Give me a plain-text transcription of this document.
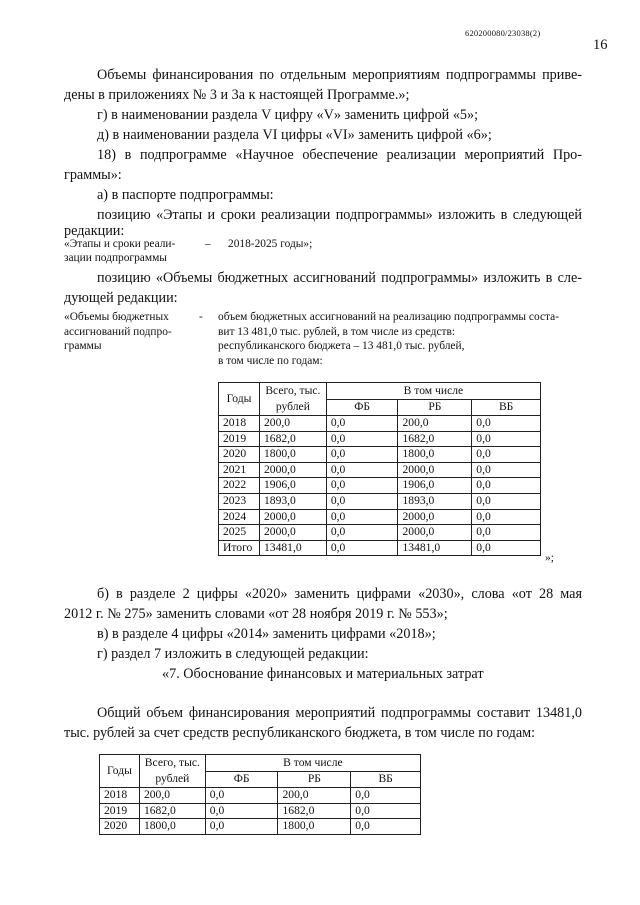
620200080/23038(2)
16
Объемы финансирования по отдельным мероприятиям подпрограммы приве-
дены в приложениях № 3 и 3а к настоящей Программе.»;
г) в наименовании раздела V цифру «V» заменить цифрой «5»;
д) в наименовании раздела VI цифры «VI» заменить цифрой «6»;
18) в подпрограмме «Научное обеспечение реализации мероприятий Про-
граммы»:
а) в паспорте подпрограммы:
позицию «Этапы и сроки реализации подпрограммы» изложить в следующей
редакции:
«Этапы и сроки реали-
зации подпрограммы
– 2018-2025 годы»;
позицию «Объемы бюджетных ассигнований подпрограммы» изложить в сле-
дующей редакции:
«Объемы бюджетных
ассигнований подпро-
граммы
- объем бюджетных ассигнований на реализацию подпрограммы соста-
вит 13 481,0 тыс. рублей, в том числе из средств:
республиканского бюджета – 13 481,0 тыс. рублей,
в том числе по годам:
Годы	Всего, тыс. рублей	В том числе		
		ФБ	РБ	ВБ
2018	200,0	0,0	200,0	0,0
2019	1682,0	0,0	1682,0	0,0
2020	1800,0	0,0	1800,0	0,0
2021	2000,0	0,0	2000,0	0,0
2022	1906,0	0,0	1906,0	0,0
2023	1893,0	0,0	1893,0	0,0
2024	2000,0	0,0	2000,0	0,0
2025	2000,0	0,0	2000,0	0,0
Итого	13481,0	0,0	13481,0	0,0
»;
б) в разделе 2 цифры «2020» заменить цифрами «2030», слова «от 28 мая
2012 г. № 275» заменить словами «от 28 ноября 2019 г. № 553»;
в) в разделе 4 цифры «2014» заменить цифрами «2018»;
г) раздел 7 изложить в следующей редакции:
«7. Обоснование финансовых и материальных затрат
Общий объем финансирования мероприятий подпрограммы составит 13481,0
тыс. рублей за счет средств республиканского бюджета, в том числе по годам:
Годы	Всего, тыс. рублей	В том числе		
		ФБ	РБ	ВБ
2018	200,0	0,0	200,0	0,0
2019	1682,0	0,0	1682,0	0,0
2020	1800,0	0,0	1800,0	0,0
